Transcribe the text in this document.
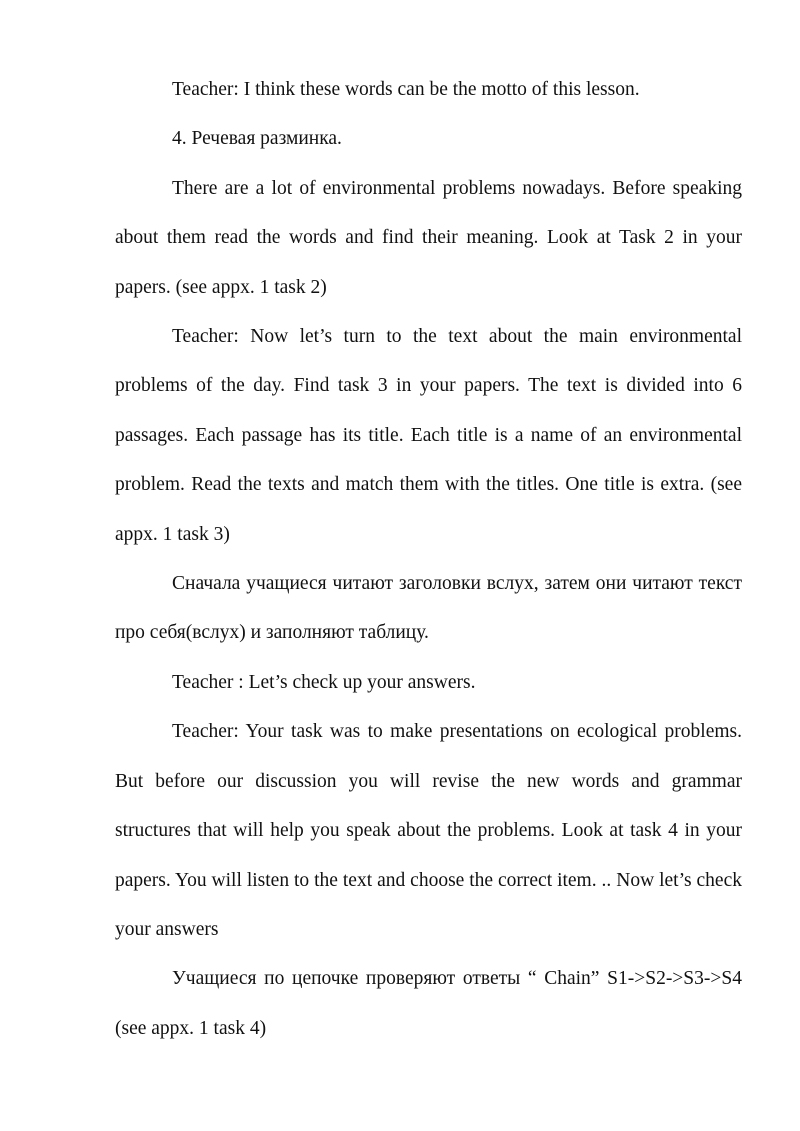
Teacher: I think these words can be the motto of this lesson.

4. Речевая разминка.

There are a lot of environmental problems nowadays. Before speaking about them read the words and find their meaning. Look at Task 2 in your papers. (see appx. 1 task 2)

Teacher: Now let’s turn to the text about the main environmental problems of the day. Find task 3 in your papers. The text is divided into 6 passages. Each passage has its title. Each title is a name of an environmental problem. Read the texts and match them with the titles. One title is extra. (see appx. 1 task 3)

Сначала учащиеся читают заголовки вслух, затем они читают текст про себя(вслух) и заполняют таблицу.

Teacher : Let’s check up your answers.

Teacher: Your task was to make presentations on ecological problems. But before our discussion you will revise the new words and grammar structures that will help you speak about the problems. Look at task 4 in your papers. You will listen to the text and choose the correct item. .. Now let’s check your answers

Учащиеся по цепочке проверяют ответы “ Chain” S1->S2->S3->S4 (see appx. 1 task 4)
